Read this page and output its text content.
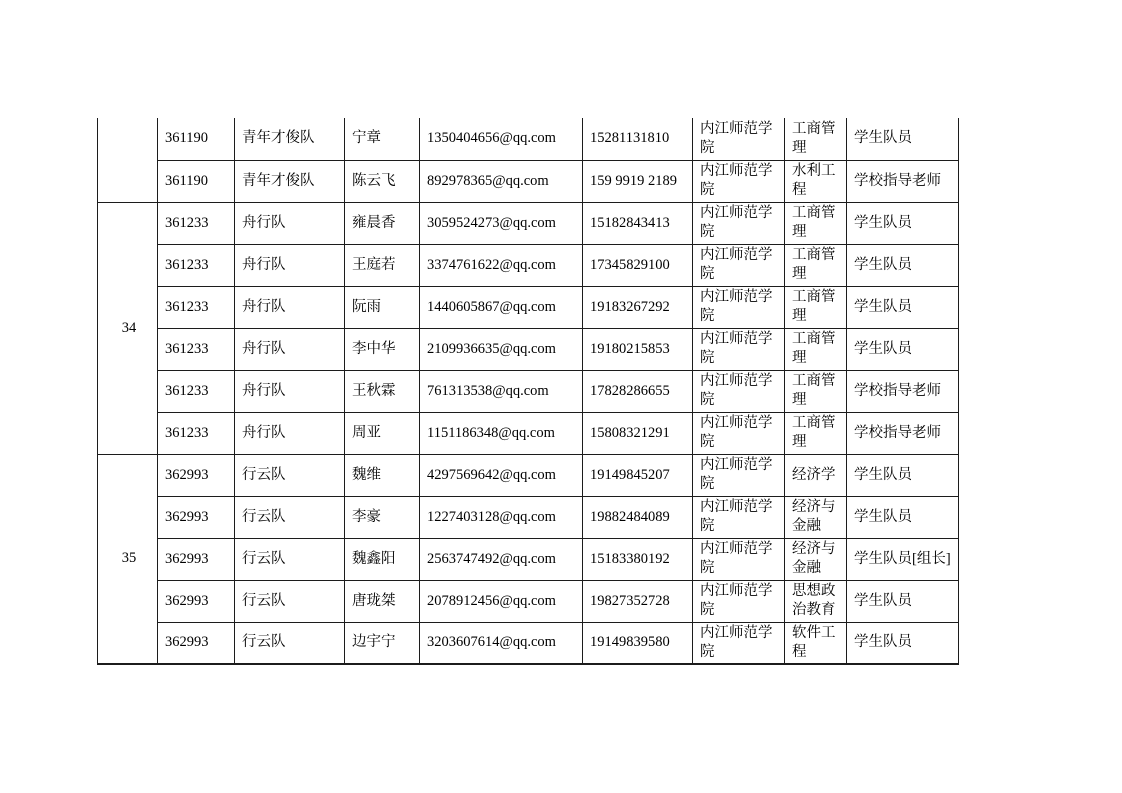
	361190	青年才俊队	宁章	1350404656@qq.com	15281131810	内江师范学院	工商管理	学生队员
	361190	青年才俊队	陈云飞	892978365@qq.com	159 9919 2189	内江师范学院	水利工程	学校指导老师
34	361233	舟行队	雍晨香	3059524273@qq.com	15182843413	内江师范学院	工商管理	学生队员
	361233	舟行队	王庭若	3374761622@qq.com	17345829100	内江师范学院	工商管理	学生队员
	361233	舟行队	阮雨	1440605867@qq.com	19183267292	内江师范学院	工商管理	学生队员
	361233	舟行队	李中华	2109936635@qq.com	19180215853	内江师范学院	工商管理	学生队员
	361233	舟行队	王秋霖	761313538@qq.com	17828286655	内江师范学院	工商管理	学校指导老师
	361233	舟行队	周亚	1151186348@qq.com	15808321291	内江师范学院	工商管理	学校指导老师
35	362993	行云队	魏维	4297569642@qq.com	19149845207	内江师范学院	经济学	学生队员
	362993	行云队	李豪	1227403128@qq.com	19882484089	内江师范学院	经济与金融	学生队员
	362993	行云队	魏鑫阳	2563747492@qq.com	15183380192	内江师范学院	经济与金融	学生队员[组长]
	362993	行云队	唐珑桀	2078912456@qq.com	19827352728	内江师范学院	思想政治教育	学生队员
	362993	行云队	边宇宁	3203607614@qq.com	19149839580	内江师范学院	软件工程	学生队员
